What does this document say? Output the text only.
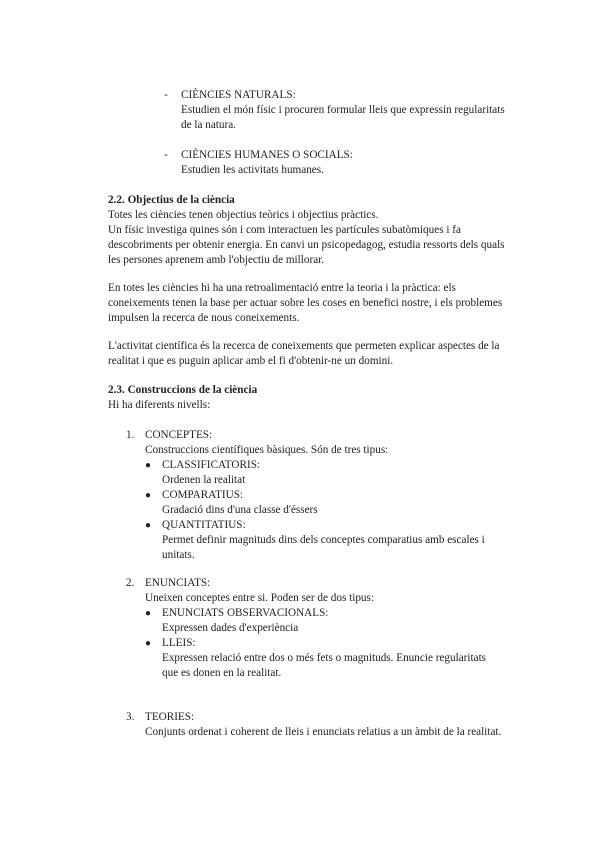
- CIÈNCIES NATURALS:
Estudien el món físic i procuren formular lleis que expressin regularitats
de la natura.
- CIÈNCIES HUMANES O SOCIALS:
Estudien les activitats humanes.
2.2. Objectius de la ciència
Totes les ciències tenen objectius teòrics i objectius pràctics.
Un físic investiga quines són i com interactuen les partícules subatòmiques i fa
descobriments per obtenir energia. En canvi un psicopedagog, estudia ressorts dels quals
les persones aprenem amb l'objectiu de millorar.
En totes les ciències hi ha una retroalimentació entre la teoria i la pràctica: els
coneixements tenen la base per actuar sobre les coses en benefici nostre, i els problemes
impulsen la recerca de nous coneixements.
L'activitat científica és la recerca de coneixements que permeten explicar aspectes de la
realitat i que es puguin aplicar amb el fi d'obtenir-ne un domini.
2.3. Construccions de la ciència
Hi ha diferents nivells:
1. CONCEPTES:
Construccions científiques bàsiques. Són de tres tipus:
● CLASSIFICATORIS:
Ordenen la realitat
● COMPARATIUS:
Gradació dins d'una classe d'éssers
● QUANTITATIUS:
Permet definir magnituds dins dels conceptes comparatius amb escales i
unitats.
2. ENUNCIATS:
Uneixen conceptes entre si. Poden ser de dos tipus:
● ENUNCIATS OBSERVACIONALS:
Expressen dades d'experiència
● LLEIS:
Expressen relació entre dos o més fets o magnituds. Enuncie regularitats
que es donen en la realitat.
3. TEORIES:
Conjunts ordenat i coherent de lleis i enunciats relatius a un àmbit de la realitat.
